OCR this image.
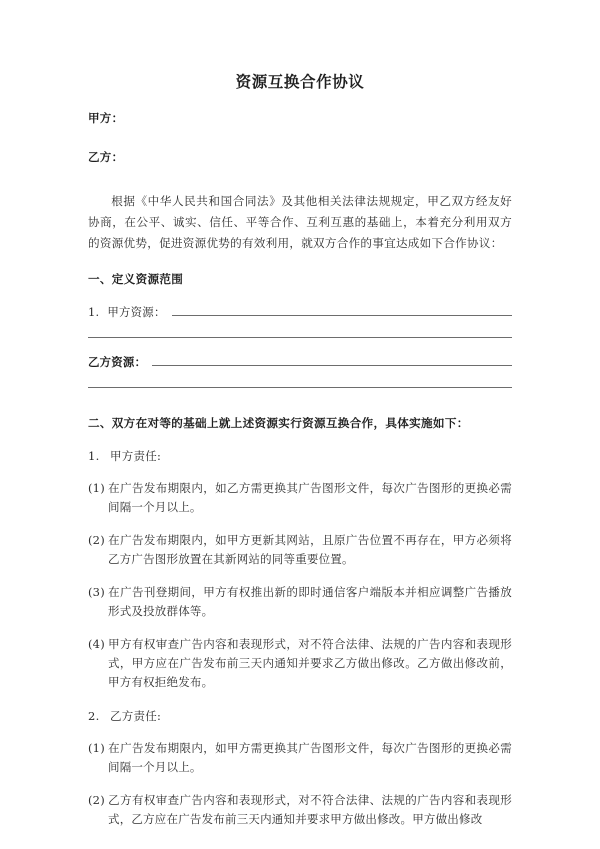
资源互换合作协议
甲方：
乙方：

根据《中华人民共和国合同法》及其他相关法律法规规定，甲乙双方经友好协商，在公平、诚实、信任、平等合作、互利互惠的基础上，本着充分利用双方的资源优势，促进资源优势的有效利用，就双方合作的事宜达成如下合作协议：

一、定义资源范围
1. 甲方资源：
乙方资源：
二、双方在对等的基础上就上述资源实行资源互换合作，具体实施如下：
1. 甲方责任:
(1) 在广告发布期限内，如乙方需更换其广告图形文件，每次广告图形的更换必需间隔一个月以上。
(2) 在广告发布期限内，如甲方更新其网站，且原广告位置不再存在，甲方必须将乙方广告图形放置在其新网站的同等重要位置。
(3) 在广告刊登期间，甲方有权推出新的即时通信客户端版本并相应调整广告播放形式及投放群体等。
(4) 甲方有权审查广告内容和表现形式，对不符合法律、法规的广告内容和表现形式，甲方应在广告发布前三天内通知并要求乙方做出修改。乙方做出修改前，甲方有权拒绝发布。
2. 乙方责任:
(1) 在广告发布期限内，如甲方需更换其广告图形文件，每次广告图形的更换必需间隔一个月以上。
(2) 乙方有权审查广告内容和表现形式，对不符合法律、法规的广告内容和表现形式，乙方应在广告发布前三天内通知并要求甲方做出修改。甲方做出修改
